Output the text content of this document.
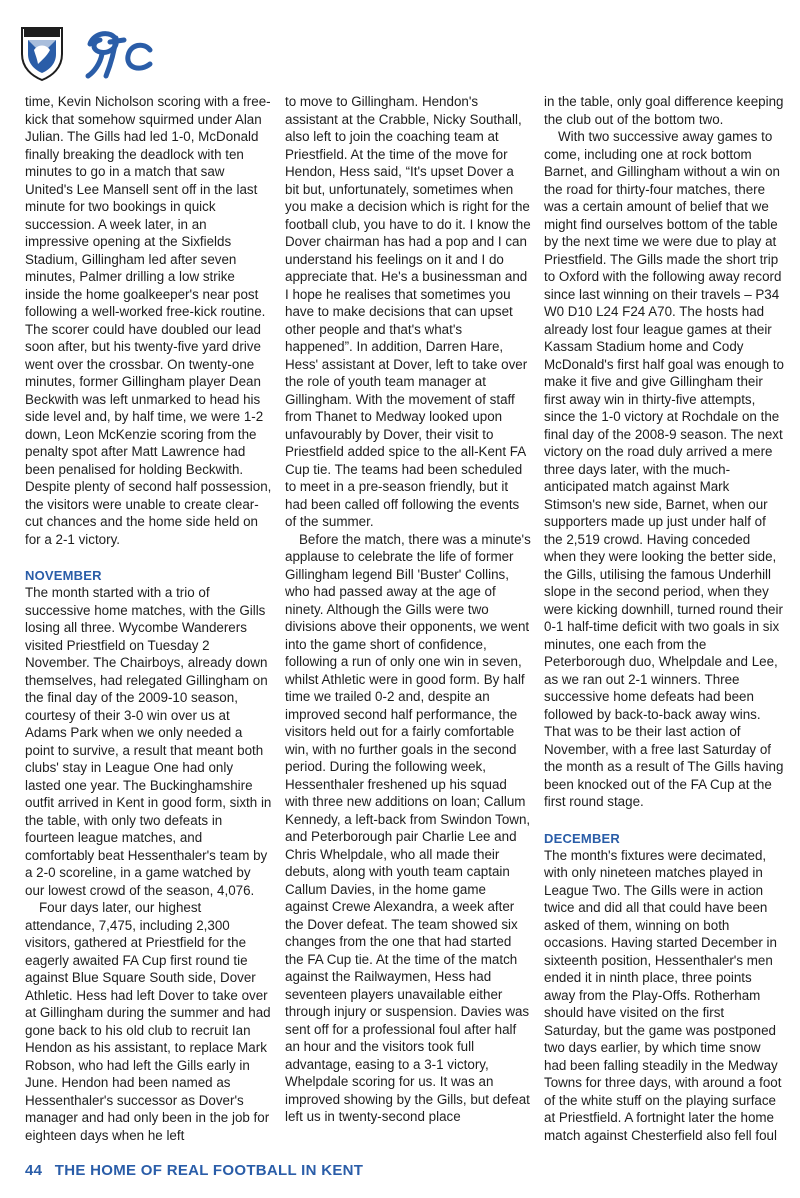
time, Kevin Nicholson scoring with a free-kick that somehow squirmed under Alan Julian. The Gills had led 1-0, McDonald finally breaking the deadlock with ten minutes to go in a match that saw United's Lee Mansell sent off in the last minute for two bookings in quick succession. A week later, in an impressive opening at the Sixfields Stadium, Gillingham led after seven minutes, Palmer drilling a low strike inside the home goalkeeper's near post following a well-worked free-kick routine. The scorer could have doubled our lead soon after, but his twenty-five yard drive went over the crossbar. On twenty-one minutes, former Gillingham player Dean Beckwith was left unmarked to head his side level and, by half time, we were 1-2 down, Leon McKenzie scoring from the penalty spot after Matt Lawrence had been penalised for holding Beckwith. Despite plenty of second half possession, the visitors were unable to create clear-cut chances and the home side held on for a 2-1 victory.

NOVEMBER

The month started with a trio of successive home matches, with the Gills losing all three. Wycombe Wanderers visited Priestfield on Tuesday 2 November. The Chairboys, already down themselves, had relegated Gillingham on the final day of the 2009-10 season, courtesy of their 3-0 win over us at Adams Park when we only needed a point to survive, a result that meant both clubs' stay in League One had only lasted one year. The Buckinghamshire outfit arrived in Kent in good form, sixth in the table, with only two defeats in fourteen league matches, and comfortably beat Hessenthaler's team by a 2-0 scoreline, in a game watched by our lowest crowd of the season, 4,076.

Four days later, our highest attendance, 7,475, including 2,300 visitors, gathered at Priestfield for the eagerly awaited FA Cup first round tie against Blue Square South side, Dover Athletic. Hess had left Dover to take over at Gillingham during the summer and had gone back to his old club to recruit Ian Hendon as his assistant, to replace Mark Robson, who had left the Gills early in June. Hendon had been named as Hessenthaler's successor as Dover's manager and had only been in the job for eighteen days when he left

to move to Gillingham. Hendon's assistant at the Crabble, Nicky Southall, also left to join the coaching team at Priestfield. At the time of the move for Hendon, Hess said, “It's upset Dover a bit but, unfortunately, sometimes when you make a decision which is right for the football club, you have to do it. I know the Dover chairman has had a pop and I can understand his feelings on it and I do appreciate that. He's a businessman and I hope he realises that sometimes you have to make decisions that can upset other people and that's what's happened”. In addition, Darren Hare, Hess' assistant at Dover, left to take over the role of youth team manager at Gillingham. With the movement of staff from Thanet to Medway looked upon unfavourably by Dover, their visit to Priestfield added spice to the all-Kent FA Cup tie. The teams had been scheduled to meet in a pre-season friendly, but it had been called off following the events of the summer.

Before the match, there was a minute's applause to celebrate the life of former Gillingham legend Bill 'Buster' Collins, who had passed away at the age of ninety. Although the Gills were two divisions above their opponents, we went into the game short of confidence, following a run of only one win in seven, whilst Athletic were in good form. By half time we trailed 0-2 and, despite an improved second half performance, the visitors held out for a fairly comfortable win, with no further goals in the second period. During the following week, Hessenthaler freshened up his squad with three new additions on loan; Callum Kennedy, a left-back from Swindon Town, and Peterborough pair Charlie Lee and Chris Whelpdale, who all made their debuts, along with youth team captain Callum Davies, in the home game against Crewe Alexandra, a week after the Dover defeat. The team showed six changes from the one that had started the FA Cup tie. At the time of the match against the Railwaymen, Hess had seventeen players unavailable either through injury or suspension. Davies was sent off for a professional foul after half an hour and the visitors took full advantage, easing to a 3-1 victory, Whelpdale scoring for us. It was an improved showing by the Gills, but defeat left us in twenty-second place

in the table, only goal difference keeping the club out of the bottom two.

With two successive away games to come, including one at rock bottom Barnet, and Gillingham without a win on the road for thirty-four matches, there was a certain amount of belief that we might find ourselves bottom of the table by the next time we were due to play at Priestfield. The Gills made the short trip to Oxford with the following away record since last winning on their travels – P34 W0 D10 L24 F24 A70. The hosts had already lost four league games at their Kassam Stadium home and Cody McDonald's first half goal was enough to make it five and give Gillingham their first away win in thirty-five attempts, since the 1-0 victory at Rochdale on the final day of the 2008-9 season. The next victory on the road duly arrived a mere three days later, with the much-anticipated match against Mark Stimson's new side, Barnet, when our supporters made up just under half of the 2,519 crowd. Having conceded when they were looking the better side, the Gills, utilising the famous Underhill slope in the second period, when they were kicking downhill, turned round their 0-1 half-time deficit with two goals in six minutes, one each from the Peterborough duo, Whelpdale and Lee, as we ran out 2-1 winners. Three successive home defeats had been followed by back-to-back away wins. That was to be their last action of November, with a free last Saturday of the month as a result of The Gills having been knocked out of the FA Cup at the first round stage.

DECEMBER

The month's fixtures were decimated, with only nineteen matches played in League Two. The Gills were in action twice and did all that could have been asked of them, winning on both occasions. Having started December in sixteenth position, Hessenthaler's men ended it in ninth place, three points away from the Play-Offs. Rotherham should have visited on the first Saturday, but the game was postponed two days earlier, by which time snow had been falling steadily in the Medway Towns for three days, with around a foot of the white stuff on the playing surface at Priestfield. A fortnight later the home match against Chesterfield also fell foul

44 THE HOME OF REAL FOOTBALL IN KENT
